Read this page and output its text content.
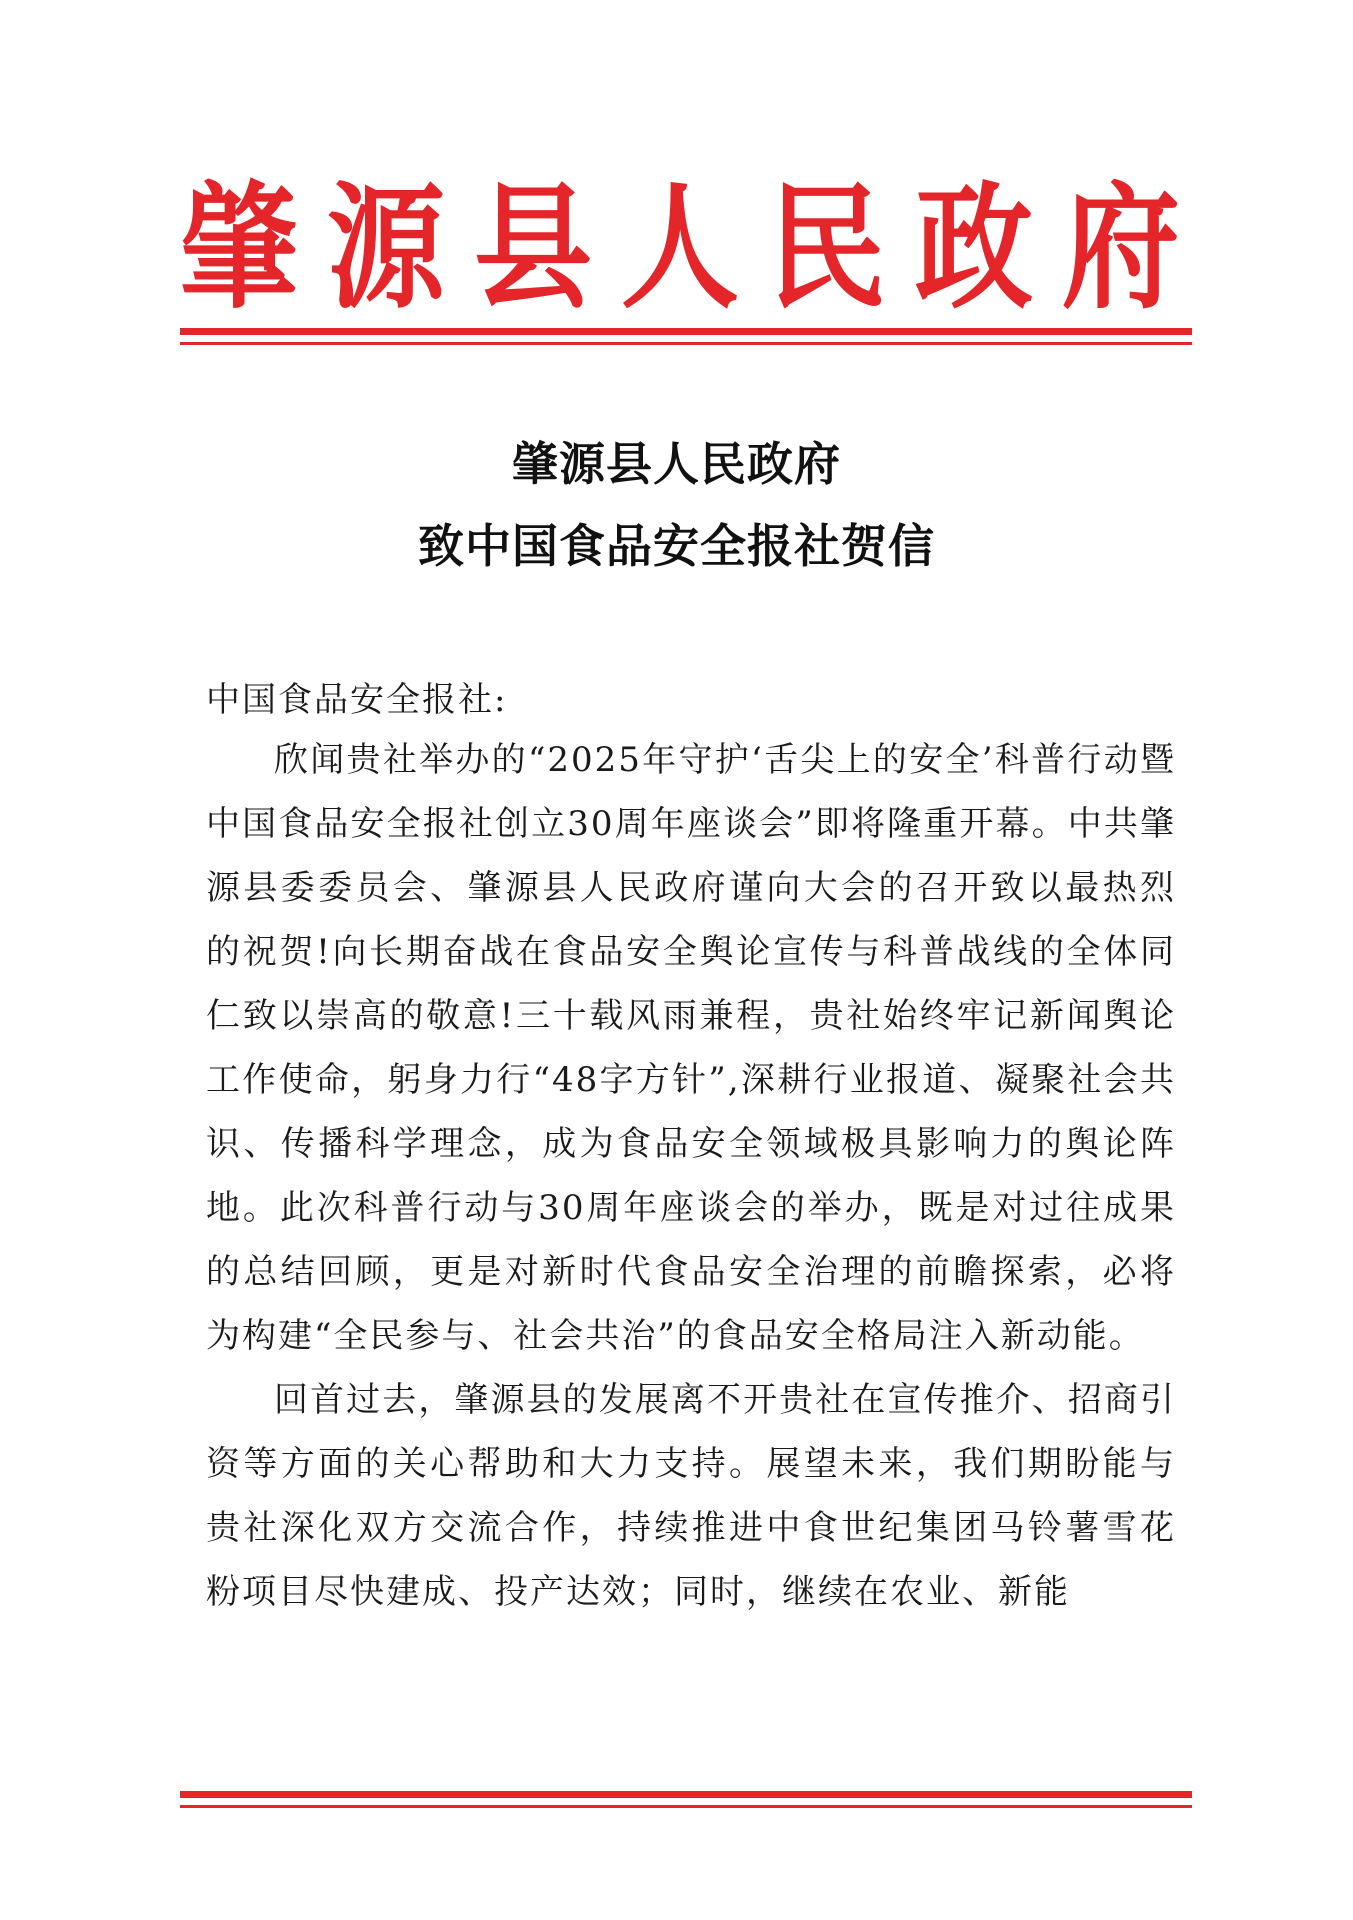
肇 源 县 人 民 政 府
肇源县人民政府
致中国食品安全报社贺信
中国食品安全报社:

欣闻贵社举办的“2025年守护‘舌尖上的安全’科普行动暨中国食品安全报社创立30周年座谈会”即将隆重开幕。中共肇源县委委员会、肇源县人民政府谨向大会的召开致以最热烈的祝贺!向长期奋战在食品安全舆论宣传与科普战线的全体同仁致以崇高的敬意!三十载风雨兼程，贵社始终牢记新闻舆论工作使命，躬身力行“48字方针”,深耕行业报道、凝聚社会共识、传播科学理念，成为食品安全领域极具影响力的舆论阵地。此次科普行动与30周年座谈会的举办，既是对过往成果的总结回顾，更是对新时代食品安全治理的前瞻探索，必将为构建“全民参与、社会共治”的食品安全格局注入新动能。

回首过去，肇源县的发展离不开贵社在宣传推介、招商引资等方面的关心帮助和大力支持。展望未来，我们期盼能与贵社深化双方交流合作，持续推进中食世纪集团马铃薯雪花粉项目尽快建成、投产达效；同时，继续在农业、新能
